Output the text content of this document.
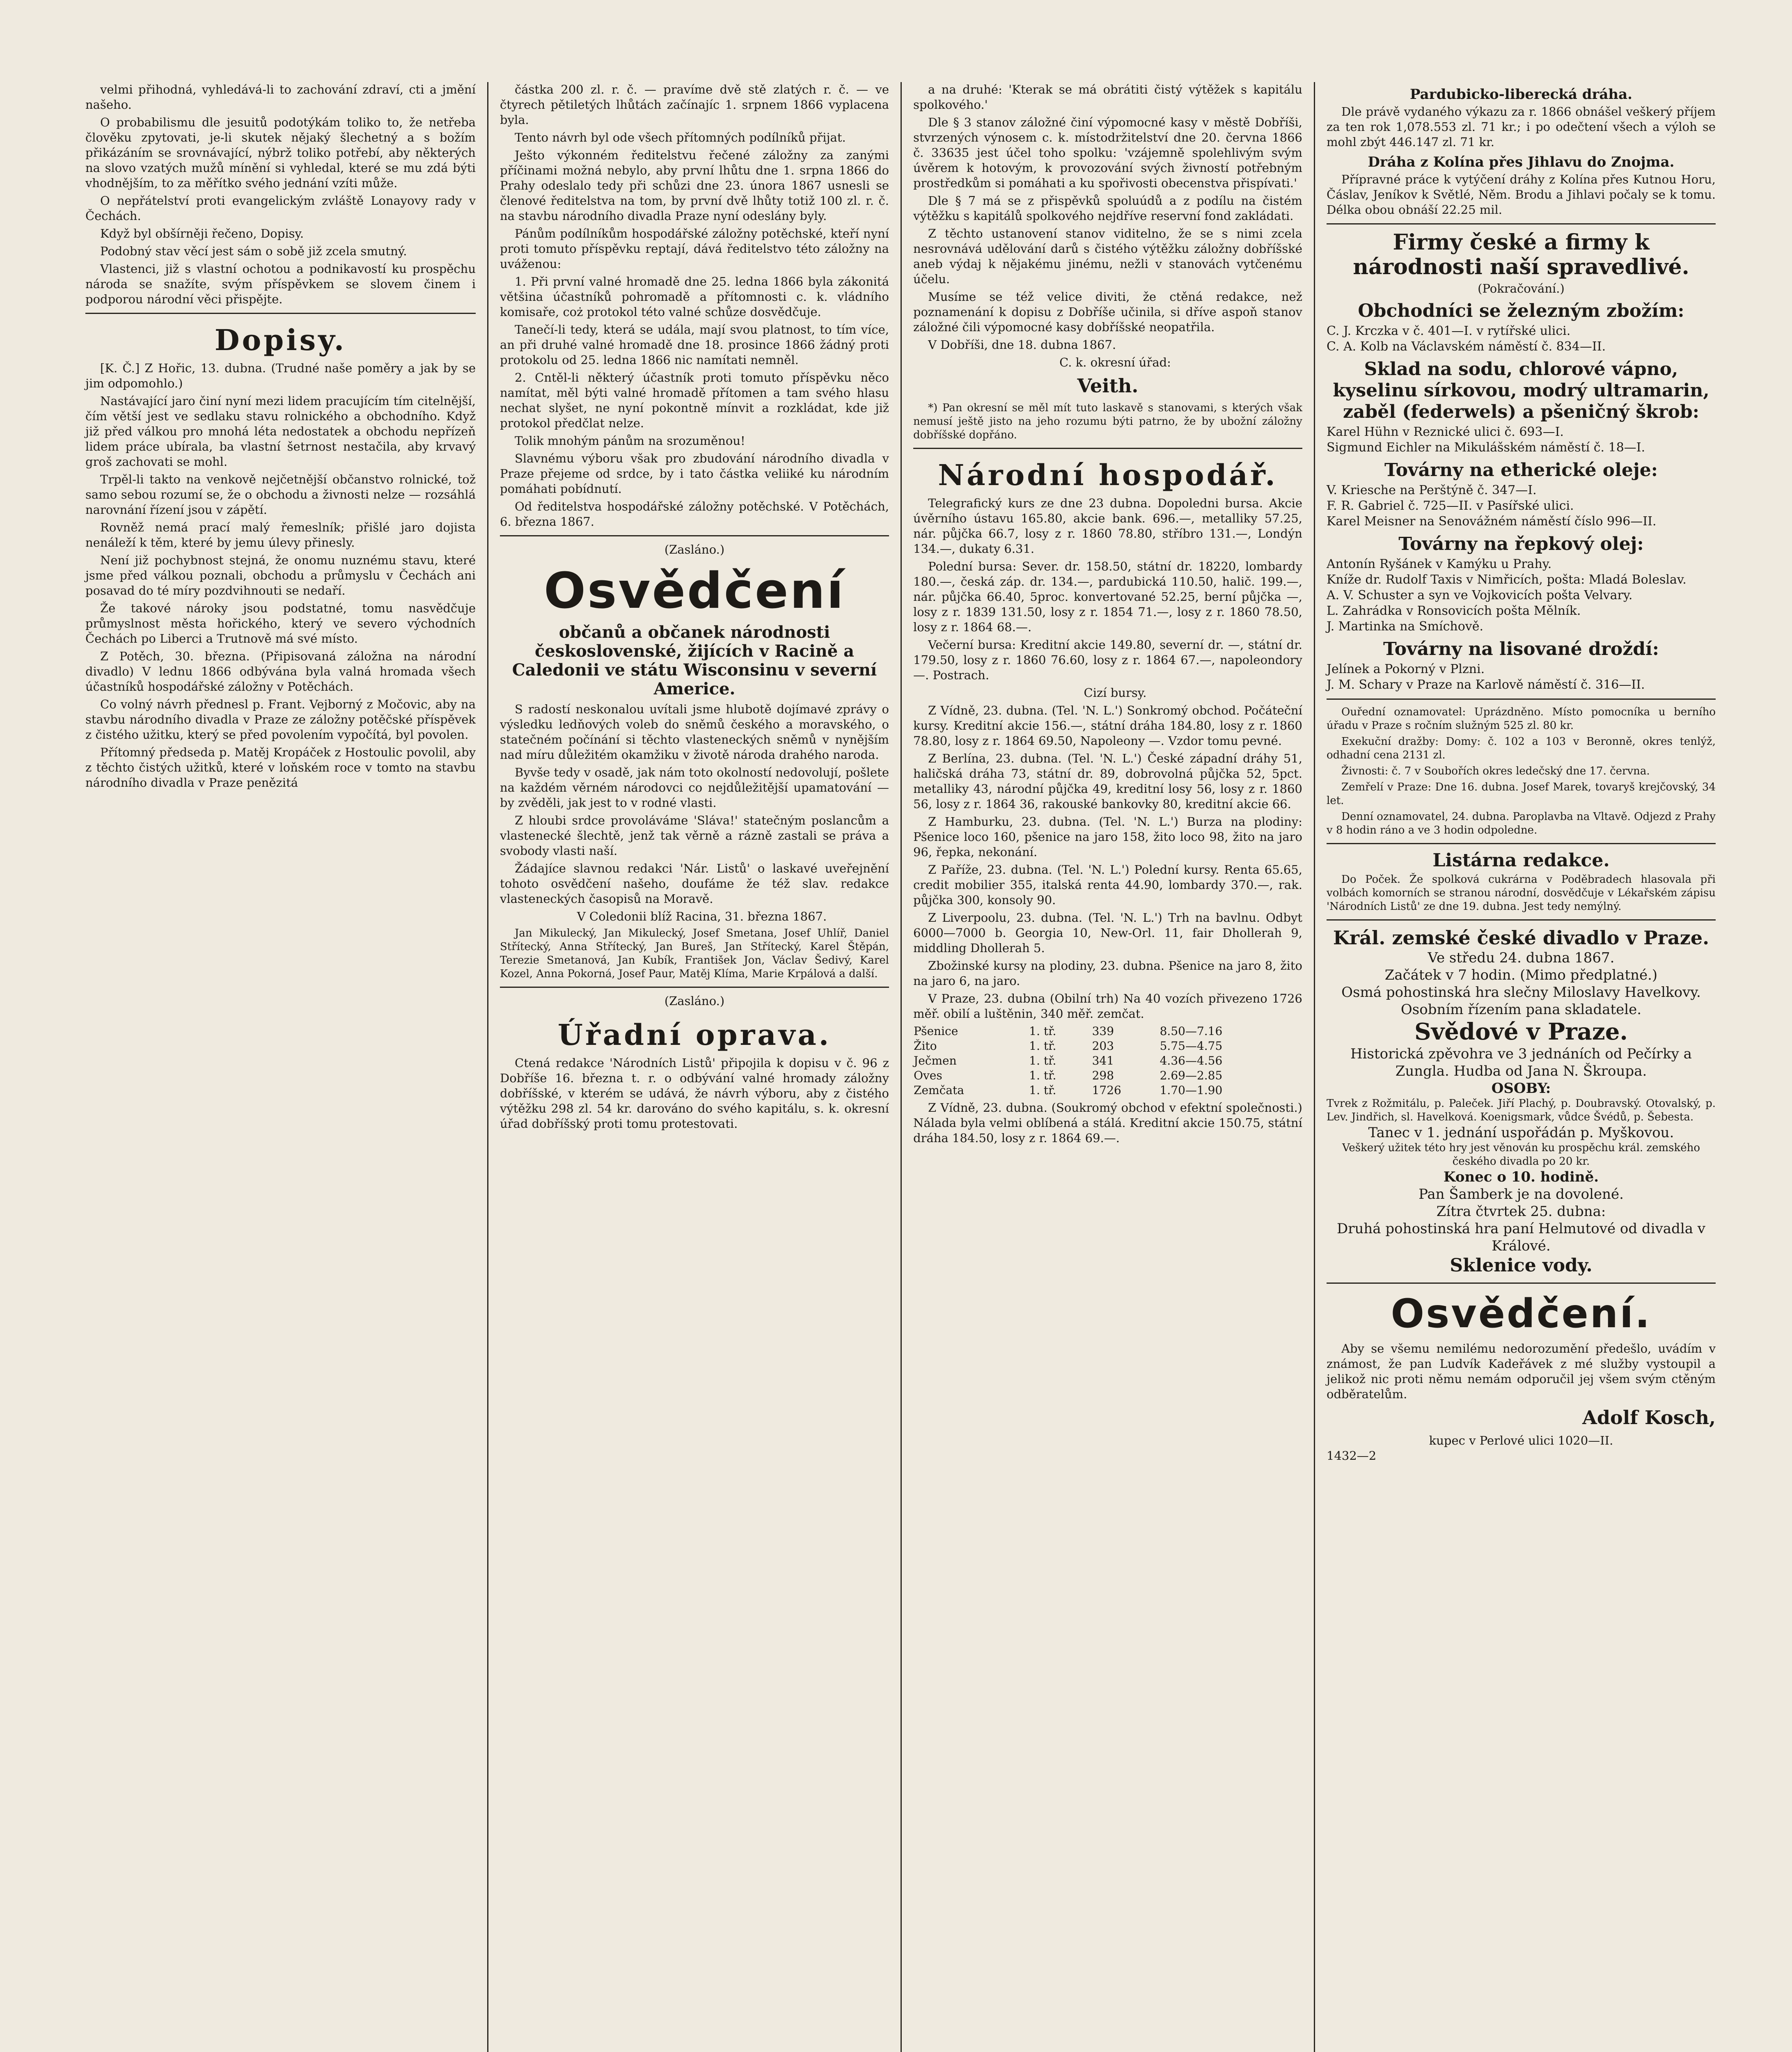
velmi přihodná, vyhledává-li to zachování zdraví, cti a jmění našeho.

O probabilismu dle jesuitů podotýkám toliko to, že netřeba člověku zpytovati, je-li skutek nějaký šlechetný a s božím přikázáním se srovnávající, nýbrž toliko potřebí, aby některých na slovo vzatých mužů mínění si vyhledal, které se mu zdá býti vhodnějším, to za měřítko svého jednání vzíti může.

O nepřátelství proti evangelickým zvláště Lonayovy rady v Čechách.

Když byl obšírněji řečeno, Dopisy.

Podobný stav věcí jest sám o sobě již zcela smutný.

Vlastenci, již s vlastní ochotou a podnikavostí ku prospěchu národa se snažíte, svým příspěvkem se slovem činem i podporou národní věci přispějte.

Dopisy.

[K. Č.] Z Hořic, 13. dubna. (Trudné naše poměry a jak by se jim odpomohlo.)

Nastávající jaro činí nyní mezi lidem pracujícím tím citelnější, čím větší jest ve sedlaku stavu rolnického a obchodního. Když již před válkou pro mnohá léta nedostatek a obchodu nepřízeň lidem práce ubírala, ba vlastní šetrnost nestačila, aby krvavý groš zachovati se mohl.

Trpěl-li takto na venkově nejčetnější občanstvo rolnické, tož samo sebou rozumí se, že o obchodu a živnosti nelze — rozsáhlá narovnání řízení jsou v zápětí.

Rovněž nemá prací malý řemeslník; přišlé jaro dojista nenáleží k těm, které by jemu úlevy přinesly.

Není již pochybnost stejná, že onomu nuznému stavu, které jsme před válkou poznali, obchodu a průmyslu v Čechách ani posavad do té míry pozdvihnouti se nedaří.

Že takové nároky jsou podstatné, tomu nasvědčuje průmyslnost města hořického, který ve severo východních Čechách po Liberci a Trutnově má své místo.

Z Potěch, 30. března. (Připisovaná záložna na národní divadlo) V lednu 1866 odbývána byla valná hromada všech účastníků hospodářské záložny v Potěchách.

Co volný návrh přednesl p. Frant. Vejborný z Močovic, aby na stavbu národního divadla v Praze ze záložny potěčské příspěvek z čistého užitku, který se před povolením vypočítá, byl povolen.

Přítomný předseda p. Matěj Kropáček z Hostoulic povolil, aby z těchto čistých užitků, které v loňském roce v tomto na stavbu národního divadla v Praze penězitá

částka 200 zl. r. č. — pravíme dvě stě zlatých r. č. — ve čtyrech pětiletých lhůtách začínajíc 1. srpnem 1866 vyplacena byla.

Tento návrh byl ode všech přítomných podílníků přijat.

Ješto výkonném ředitelstvu řečené záložny za zanými příčinami možná nebylo, aby první lhůtu dne 1. srpna 1866 do Prahy odeslalo tedy při schůzi dne 23. února 1867 usnesli se členové ředitelstva na tom, by první dvě lhůty totiž 100 zl. r. č. na stavbu národního divadla Praze nyní odeslány byly.

Pánům podílníkům hospodářské záložny potěchské, kteří nyní proti tomuto příspěvku reptají, dává ředitelstvo této záložny na uváženou:

1. Při první valné hromadě dne 25. ledna 1866 byla zákonitá většina účastníků pohromadě a přítomnosti c. k. vládního komisaře, coż protokol této valné schůze dosvědčuje.

Tanečí-li tedy, která se udála, mají svou platnost, to tím více, an při druhé valné hromadě dne 18. prosince 1866 žádný proti protokolu od 25. ledna 1866 nic namítati nemněl.

2. Cntěl-li některý účastník proti tomuto příspěvku něco namítat, měl býti valné hromadě přítomen a tam svého hlasu nechat slyšet, ne nyní pokontně mínvit a rozkládat, kde již protokol předčlat nelze.

Tolik mnohým pánům na srozuměnou!

Slavnému výboru však pro zbudování národního divadla v Praze přejeme od srdce, by i tato částka veliiké ku národním pomáhati pobídnutí.

Od ředitelstva hospodářské záložny potěchské. V Potěchách, 6. března 1867.

(Zasláno.)
Osvědčení
občanů a občanek národnosti československé, žijících v Racině a Caledonii ve státu Wisconsinu v severní Americe.

S radostí neskonalou uvítali jsme hlubotě dojímavé zprávy o výsledku ledňových voleb do sněmů českého a moravského, o statečném počínání si těchto vlasteneckých sněmů v nynějším nad míru důležitém okamžiku v životě národa drahého naroda.

Byvše tedy v osadě, jak nám toto okolností nedovolují, pošlete na každém věrném národovci co nejdůležitější upamatování — by zvěděli, jak jest to v rodné vlasti.

Z hloubi srdce provoláváme 'Sláva!' statečným poslancům a vlastenecké šlechtě, jenž tak věrně a rázně zastali se práva a svobody vlasti naší.

Žádajíce slavnou redakci 'Nár. Listů' o laskavé uveřejnění tohoto osvědčení našeho, doufáme že též slav. redakce vlasteneckých časopisů na Moravě.

V Coledonii blíž Racina, 31. března 1867.

Jan Mikulecký, Jan Mikulecký, Josef Smetana, Josef Uhlíř, Daniel Střítecký, Anna Střítecký, Jan Bureš, Jan Střítecký, Karel Štěpán, Terezie Smetanová, Jan Kubík, František Jon, Václav Šedivý, Karel Kozel, Anna Pokorná, Josef Paur, Matěj Klíma, Marie Krpálová a další.

(Zasláno.)
Úřadní oprava.

Ctená redakce 'Národních Listů' připojila k dopisu v č. 96 z Dobříše 16. března t. r. o odbývání valné hromady záložny dobříšské, v kterém se udává, že návrh výboru, aby z čistého výtěžku 298 zl. 54 kr. darováno do svého kapitálu, s. k. okresní úřad dobříšský proti tomu protestovati.

a na druhé: 'Kterak se má obrátiti čistý výtěžek s kapitálu spolkového.'

Dle § 3 stanov záložné činí výpomocné kasy v městě Dobříši, stvrzených výnosem c. k. místodržitelství dne 20. června 1866 č. 33635 jest účel toho spolku: 'vzájemně spolehlivým svým úvěrem k hotovým, k provozování svých živností potřebným prostředkům si pomáhati a ku spořivosti obecenstva přispívati.'

Dle § 7 má se z přispěvků spoluúdů a z podílu na čistém výtěžku s kapitálů spolkového nejdříve reservní fond zakládati.

Z těchto ustanovení stanov viditelno, že se s nimi zcela nesrovnává udělování darů s čistého výtěžku záložny dobříšské aneb výdaj k nějakému jinému, nežli v stanovách vytčenému účelu.

Musíme se též velice diviti, že ctěná redakce, než poznamenání k dopisu z Dobříše učinila, si dříve aspoň stanov záložné čili výpomocné kasy dobříšské neopatřila.

V Dobříši, dne 18. dubna 1867.

C. k. okresní úřad:

Veith.

*) Pan okresní se měl mít tuto laskavě s stanovami, s kterých však nemusí ještě jisto na jeho rozumu býti patrno, že by ubožní záložny dobříšské dopřáno.

Národní hospodář.

Telegrafický kurs ze dne 23 dubna. Dopoledni bursa. Akcie úvěrního ústavu 165.80, akcie bank. 696.—, metalliky 57.25, nár. půjčka 66.7, losy z r. 1860 78.80, stříbro 131.—, Londýn 134.—, dukaty 6.31.

Polední bursa: Sever. dr. 158.50, státní dr. 18220, lombardy 180.—, česká záp. dr. 134.—, pardubická 110.50, halič. 199.—, nár. půjčka 66.40, 5proc. konvertované 52.25, berní půjčka —, losy z r. 1839 131.50, losy z r. 1854 71.—, losy z r. 1860 78.50, losy z r. 1864 68.—.

Večerní bursa: Kreditní akcie 149.80, severní dr. —, státní dr. 179.50, losy z r. 1860 76.60, losy z r. 1864 67.—, napoleondory —. Postrach.

Cizí bursy.

Z Vídně, 23. dubna. (Tel. 'N. L.') Sonkromý obchod. Počáteční kursy. Kreditní akcie 156.—, státní dráha 184.80, losy z r. 1860 78.80, losy z r. 1864 69.50, Napoleony —. Vzdor tomu pevné.

Z Berlína, 23. dubna. (Tel. 'N. L.') České západní dráhy 51, haličská dráha 73, státní dr. 89, dobrovolná půjčka 52, 5pct. metalliky 43, národní půjčka 49, kreditní losy 56, losy z r. 1860 56, losy z r. 1864 36, rakouské bankovky 80, kreditní akcie 66.

Z Hamburku, 23. dubna. (Tel. 'N. L.') Burza na plodiny: Pšenice loco 160, pšenice na jaro 158, žito loco 98, žito na jaro 96, řepka, nekonání.

Z Paříže, 23. dubna. (Tel. 'N. L.') Polední kursy. Renta 65.65, credit mobilier 355, italská renta 44.90, lombardy 370.—, rak. půjčka 300, konsoly 90.

Z Liverpoolu, 23. dubna. (Tel. 'N. L.') Trh na bavlnu. Odbyt 6000—7000 b. Georgia 10, New-Orl. 11, fair Dhollerah 9, middling Dhollerah 5.

Zbožinské kursy na plodiny, 23. dubna. Pšenice na jaro 8, žito na jaro 6, na jaro.

V Praze, 23. dubna (Obilní trh) Na 40 vozích přivezeno 1726 měř. obilí a luštěnin, 340 měř. zemčat.

Pšenice	1. tř.	339	8.50—7.16
Žito	1. tř.	203	5.75—4.75
Ječmen	1. tř.	341	4.36—4.56
Oves	1. tř.	298	2.69—2.85
Zemčata	1. tř.	1726	1.70—1.90

Z Vídně, 23. dubna. (Soukromý obchod v efektní společnosti.) Nálada byla velmi oblíbená a stálá. Kreditní akcie 150.75, státní dráha 184.50, losy z r. 1864 69.—.

Pardubicko-liberecká dráha.

Dle právě vydaného výkazu za r. 1866 obnášel veškerý příjem za ten rok 1,078.553 zl. 71 kr.; i po odečtení všech a výloh se mohl zbýt 446.147 zl. 71 kr.

Dráha z Kolína přes Jihlavu do Znojma.

Přípravné práce k vytýčení dráhy z Kolína přes Kutnou Horu, Čáslav, Jeníkov k Světlé, Něm. Brodu a Jihlavi počaly se k tomu. Délka obou obnáší 22.25 mil.

Firmy české a firmy k národnosti naší spravedlivé.
(Pokračování.)
Obchodníci se železným zbožím:

C. J. Krczka v č. 401—I. v rytířské ulici.

C. A. Kolb na Václavském náměstí č. 834—II.

Sklad na sodu, chlorové vápno, kyselinu sírkovou, modrý ultramarin, zaběl (federwels) a pšeničný škrob:

Karel Hühn v Reznické ulici č. 693—I.

Sigmund Eichler na Mikulášském náměstí č. 18—I.

Továrny na etherické oleje:

V. Kriesche na Perštýně č. 347—I.

F. R. Gabriel č. 725—II. v Pasířské ulici.

Karel Meisner na Senovážném náměstí číslo 996—II.

Továrny na řepkový olej:

Antonín Ryšánek v Kamýku u Prahy.

Kníže dr. Rudolf Taxis v Nimřicích, pošta: Mladá Boleslav.

A. V. Schuster a syn ve Vojkovicích pošta Velvary.

L. Zahrádka v Ronsovicích pošta Mělník.

J. Martinka na Smíchově.

Továrny na lisované droždí:

Jelínek a Pokorný v Plzni.

J. M. Schary v Praze na Karlově náměstí č. 316—II.

Ouřední oznamovatel: Uprázdněno. Místo pomocníka u berního úřadu v Praze s ročním služným 525 zl. 80 kr.

Exekuční dražby: Domy: č. 102 a 103 v Beronně, okres tenlýž, odhadní cena 2131 zl.

Živnosti: č. 7 v Soubořích okres ledečský dne 17. června.

Zemřelí v Praze: Dne 16. dubna. Josef Marek, tovaryš krejčovský, 34 let.

Denní oznamovatel, 24. dubna. Paroplavba na Vltavě. Odjezd z Prahy v 8 hodin ráno a ve 3 hodin odpoledne.

Listárna redakce.

Do Poček. Že spolková cukrárna v Poděbradech hlasovala při volbách komorních se stranou národní, dosvědčuje v Lékařském zápisu 'Národních Listů' ze dne 19. dubna. Jest tedy nemýlný.

Král. zemské české divadlo v Praze.
Ve středu 24. dubna 1867.
Začátek v 7 hodin. (Mimo předplatné.)
Osmá pohostinská hra slečny Miloslavy Havelkovy.
Osobním řízením pana skladatele.
Svědové v Praze.
Historická zpěvohra ve 3 jednáních od Pečírky a Zungla. Hudba od Jana N. Škroupa.
OSOBY:
Tvrek z Rožmitálu, p. Paleček. Jiří Plachý, p. Doubravský. Otovalský, p. Lev. Jindřich, sl. Havelková. Koenigsmark, vůdce Švédů, p. Šebesta.
Tanec v 1. jednání uspořádán p. Myškovou.
Veškerý užitek této hry jest věnován ku prospěchu král. zemského českého divadla po 20 kr.
Konec o 10. hodině.
Pan Šamberk je na dovolené.
Zítra čtvrtek 25. dubna:
Druhá pohostinská hra paní Helmutové od divadla v Králové.
Sklenice vody.
Osvědčení.

Aby se všemu nemilému nedorozumění předešlo, uvádím v známost, že pan Ludvík Kadeřávek z mé služby vystoupil a jelikož nic proti němu nemám odporučil jej všem svým ctěným odběratelům.

Adolf Kosch,
kupec v Perlové ulici 1020—II.
1432—2
